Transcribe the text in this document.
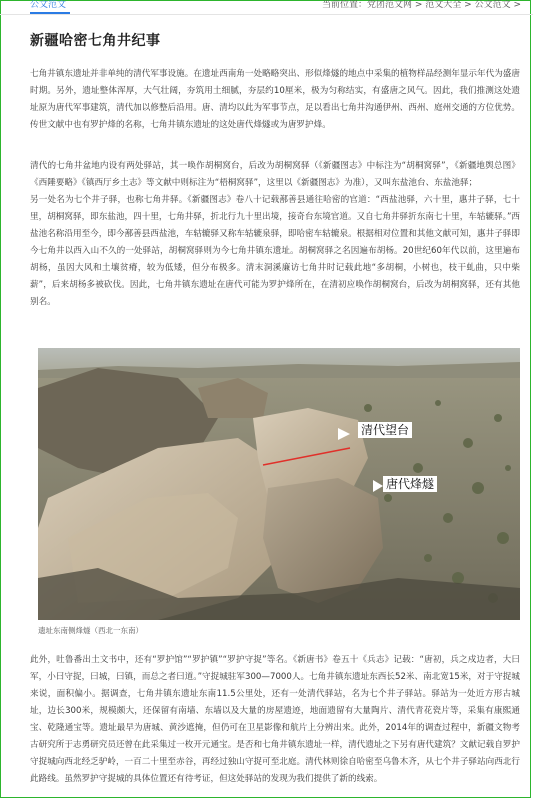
公文范文	当前位置：党团范文网 > 范文大全 > 公文范文 >
新疆哈密七角井纪事
七角井镇东遗址并非单纯的清代军事设施。在遗址西南角一处略略突出、形似烽燧的地点中采集的植物样品经测年显示年代为盛唐时期。另外，遗址整体浑厚，大气壮阔，夯筑用土细腻，夯层约10厘米，极为匀称结实，有盛唐之风气。因此，我们推测这处遗址原为唐代军事建筑，清代加以修整后沿用。唐、清均以此为军事节点，足以看出七角井沟通伊州、西州、庭州交通的方位优势。传世文献中也有罗护烽的名称，七角井镇东遗址的这处唐代烽燧或为唐罗护烽。
清代的七角井盆地内设有两处驿站，其一唤作胡桐窝台，后改为胡桐窝驿（《新疆图志》中标注为“胡桐窝驿”，《新疆地舆总图》《西陲要略》《镇西厅乡土志》等文献中则标注为“梧桐窝驿”，这里以《新疆图志》为准），又叫东盐池台、东盐池驿；
另一处名为七个井子驿，也称七角井驿。《新疆图志》卷八十记载鄯善县通往哈密的官道：“西盐池驿，六十里，惠井子驿，七十里，胡桐窝驿，即东盐池，四十里，七角井驿，折北行九十里出境，接奇台东境官道。又自七角井驿折东南七十里，车轱辘驿。”西盐池名称沿用至今，即今鄯善县西盐池，车轱辘驿又称车轱辘泉驿，即哈密车轱辘泉。根据相对位置和其他文献可知，惠井子驿即今七角井以西入山不久的一处驿站，胡桐窝驿则为今七角井镇东遗址。胡桐窝驿之名因遍布胡杨。20世纪60年代以前，这里遍布胡杨，虽因大风和土壤贫瘠，较为低矮，但分布极多。清末洞溪廉访七角井时记载此地“多胡桐，小树也，枝干虬曲，只中柴薪”，后来胡杨多被砍伐。因此，七角井镇东遗址在唐代可能为罗护烽所在，在清初应唤作胡桐窝台，后改为胡桐窝驿，还有其他别名。
清代望台
唐代烽燧
遗址东南侧烽燧（西北一东南）
此外，吐鲁番出土文书中，还有“罗护馆”“罗护镇”“罗护守捉”等名。《新唐书》卷五十《兵志》记载：“唐初，兵之戍边者，大曰军，小曰守捉，曰城，曰镇，而总之者曰道。”守捉城驻军300—7000人。七角井镇东遗址东西长52米、南北宽15米，对于守捉城来说，面积偏小。据调查，七角井镇东遗址东南11.5公里处，还有一处清代驿站，名为七个井子驿站。驿站为一处近方形古城址，边长300米，规模颇大，还保留有南墙、东墙以及大量的房屋遗迹，地面遗留有大量陶片、清代青花瓷片等，采集有康熙通宝、乾隆通宝等。遗址最早为唐城、黄沙遮掩，但仍可在卫星影像和航片上分辨出来。此外，2014年的调查过程中，新疆文物考古研究所于志勇研究员还曾在此采集过一枚开元通宝。是否和七角井镇东遗址一样，清代遗址之下另有唐代建筑？文献记载自罗护守捉城向西北经乏驴岭，一百二十里至赤谷，再经过独山守捉可至北庭。清代林则徐自哈密至乌鲁木齐，从七个井子驿站向西北行此路线。虽然罗护守捉城的具体位置还有待考证，但这处驿站的发现为我们提供了新的线索。
